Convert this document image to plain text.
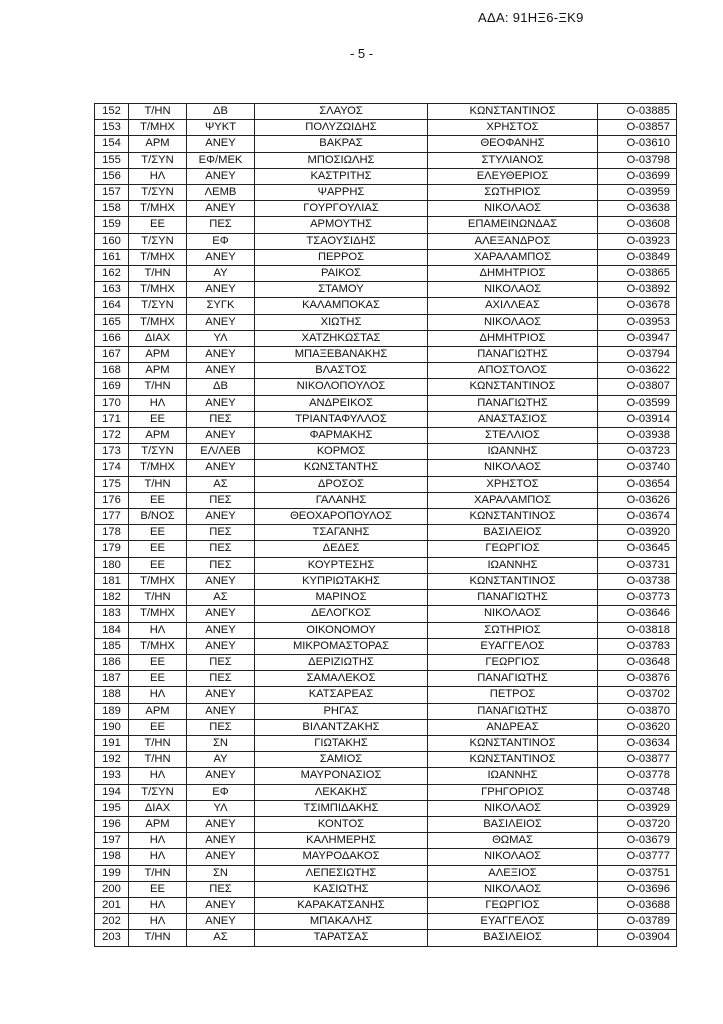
ΑΔΑ: 91ΗΞ6-ΞΚ9
- 5 -
152	Τ/ΗΝ	ΔΒ	ΣΛΑΥΟΣ	ΚΩΝΣΤΑΝΤΙΝΟΣ	Ο-03885
153	Τ/ΜΗΧ	ΨΥΚΤ	ΠΟΛΥΖΩΙΔΗΣ	ΧΡΗΣΤΟΣ	Ο-03857
154	ΑΡΜ	ΑΝΕΥ	ΒΑΚΡΑΣ	ΘΕΟΦΑΝΗΣ	Ο-03610
155	Τ/ΣΥΝ	ΕΦ/ΜΕΚ	ΜΠΟΣΙΩΛΗΣ	ΣΤΥΛΙΑΝΟΣ	Ο-03798
156	ΗΛ	ΑΝΕΥ	ΚΑΣΤΡΙΤΗΣ	ΕΛΕΥΘΕΡΙΟΣ	Ο-03699
157	Τ/ΣΥΝ	ΛΕΜΒ	ΨΑΡΡΗΣ	ΣΩΤΗΡΙΟΣ	Ο-03959
158	Τ/ΜΗΧ	ΑΝΕΥ	ΓΟΥΡΓΟΥΛΙΑΣ	ΝΙΚΟΛΑΟΣ	Ο-03638
159	ΕΕ	ΠΕΣ	ΑΡΜΟΥΤΗΣ	ΕΠΑΜΕΙΝΩΝΔΑΣ	Ο-03608
160	Τ/ΣΥΝ	ΕΦ	ΤΣΑΟΥΣΙΔΗΣ	ΑΛΕΞΑΝΔΡΟΣ	Ο-03923
161	Τ/ΜΗΧ	ΑΝΕΥ	ΠΕΡΡΟΣ	ΧΑΡΑΛΑΜΠΟΣ	Ο-03849
162	Τ/ΗΝ	ΑΥ	ΡΑΙΚΟΣ	ΔΗΜΗΤΡΙΟΣ	Ο-03865
163	Τ/ΜΗΧ	ΑΝΕΥ	ΣΤΑΜΟΥ	ΝΙΚΟΛΑΟΣ	Ο-03892
164	Τ/ΣΥΝ	ΣΥΓΚ	ΚΑΛΑΜΠΟΚΑΣ	ΑΧΙΛΛΕΑΣ	Ο-03678
165	Τ/ΜΗΧ	ΑΝΕΥ	ΧΙΩΤΗΣ	ΝΙΚΟΛΑΟΣ	Ο-03953
166	ΔΙΑΧ	ΥΛ	ΧΑΤΖΗΚΩΣΤΑΣ	ΔΗΜΗΤΡΙΟΣ	Ο-03947
167	ΑΡΜ	ΑΝΕΥ	ΜΠΑΞΕΒΑΝΑΚΗΣ	ΠΑΝΑΓΙΩΤΗΣ	Ο-03794
168	ΑΡΜ	ΑΝΕΥ	ΒΛΑΣΤΟΣ	ΑΠΟΣΤΟΛΟΣ	Ο-03622
169	Τ/ΗΝ	ΔΒ	ΝΙΚΟΛΟΠΟΥΛΟΣ	ΚΩΝΣΤΑΝΤΙΝΟΣ	Ο-03807
170	ΗΛ	ΑΝΕΥ	ΑΝΔΡΕΙΚΟΣ	ΠΑΝΑΓΙΩΤΗΣ	Ο-03599
171	ΕΕ	ΠΕΣ	ΤΡΙΑΝΤΑΦΥΛΛΟΣ	ΑΝΑΣΤΑΣΙΟΣ	Ο-03914
172	ΑΡΜ	ΑΝΕΥ	ΦΑΡΜΑΚΗΣ	ΣΤΕΛΛΙΟΣ	Ο-03938
173	Τ/ΣΥΝ	ΕΛ/ΛΕΒ	ΚΟΡΜΟΣ	ΙΩΑΝΝΗΣ	Ο-03723
174	Τ/ΜΗΧ	ΑΝΕΥ	ΚΩΝΣΤΑΝΤΗΣ	ΝΙΚΟΛΑΟΣ	Ο-03740
175	Τ/ΗΝ	ΑΣ	ΔΡΟΣΟΣ	ΧΡΗΣΤΟΣ	Ο-03654
176	ΕΕ	ΠΕΣ	ΓΑΛΑΝΗΣ	ΧΑΡΑΛΑΜΠΟΣ	Ο-03626
177	Β/ΝΟΣ	ΑΝΕΥ	ΘΕΟΧΑΡΟΠΟΥΛΟΣ	ΚΩΝΣΤΑΝΤΙΝΟΣ	Ο-03674
178	ΕΕ	ΠΕΣ	ΤΣΑΓΑΝΗΣ	ΒΑΣΙΛΕΙΟΣ	Ο-03920
179	ΕΕ	ΠΕΣ	ΔΕΔΕΣ	ΓΕΩΡΓΙΟΣ	Ο-03645
180	ΕΕ	ΠΕΣ	ΚΟΥΡΤΕΣΗΣ	ΙΩΑΝΝΗΣ	Ο-03731
181	Τ/ΜΗΧ	ΑΝΕΥ	ΚΥΠΡΙΩΤΑΚΗΣ	ΚΩΝΣΤΑΝΤΙΝΟΣ	Ο-03738
182	Τ/ΗΝ	ΑΣ	ΜΑΡΙΝΟΣ	ΠΑΝΑΓΙΩΤΗΣ	Ο-03773
183	Τ/ΜΗΧ	ΑΝΕΥ	ΔΕΛΟΓΚΟΣ	ΝΙΚΟΛΑΟΣ	Ο-03646
184	ΗΛ	ΑΝΕΥ	ΟΙΚΟΝΟΜΟΥ	ΣΩΤΗΡΙΟΣ	Ο-03818
185	Τ/ΜΗΧ	ΑΝΕΥ	ΜΙΚΡΟΜΑΣΤΟΡΑΣ	ΕΥΑΓΓΕΛΟΣ	Ο-03783
186	ΕΕ	ΠΕΣ	ΔΕΡΙΖΙΩΤΗΣ	ΓΕΩΡΓΙΟΣ	Ο-03648
187	ΕΕ	ΠΕΣ	ΣΑΜΑΛΕΚΟΣ	ΠΑΝΑΓΙΩΤΗΣ	Ο-03876
188	ΗΛ	ΑΝΕΥ	ΚΑΤΣΑΡΕΑΣ	ΠΕΤΡΟΣ	Ο-03702
189	ΑΡΜ	ΑΝΕΥ	ΡΗΓΑΣ	ΠΑΝΑΓΙΩΤΗΣ	Ο-03870
190	ΕΕ	ΠΕΣ	ΒΙΛΑΝΤΖΑΚΗΣ	ΑΝΔΡΕΑΣ	Ο-03620
191	Τ/ΗΝ	ΣΝ	ΓΙΩΤΑΚΗΣ	ΚΩΝΣΤΑΝΤΙΝΟΣ	Ο-03634
192	Τ/ΗΝ	ΑΥ	ΣΑΜΙΟΣ	ΚΩΝΣΤΑΝΤΙΝΟΣ	Ο-03877
193	ΗΛ	ΑΝΕΥ	ΜΑΥΡΟΝΑΣΙΟΣ	ΙΩΑΝΝΗΣ	Ο-03778
194	Τ/ΣΥΝ	ΕΦ	ΛΕΚΑΚΗΣ	ΓΡΗΓΟΡΙΟΣ	Ο-03748
195	ΔΙΑΧ	ΥΛ	ΤΣΙΜΠΙΔΑΚΗΣ	ΝΙΚΟΛΑΟΣ	Ο-03929
196	ΑΡΜ	ΑΝΕΥ	ΚΟΝΤΟΣ	ΒΑΣΙΛΕΙΟΣ	Ο-03720
197	ΗΛ	ΑΝΕΥ	ΚΑΛΗΜΕΡΗΣ	ΘΩΜΑΣ	Ο-03679
198	ΗΛ	ΑΝΕΥ	ΜΑΥΡΟΔΑΚΟΣ	ΝΙΚΟΛΑΟΣ	Ο-03777
199	Τ/ΗΝ	ΣΝ	ΛΕΠΕΣΙΩΤΗΣ	ΑΛΕΞΙΟΣ	Ο-03751
200	ΕΕ	ΠΕΣ	ΚΑΣΙΩΤΗΣ	ΝΙΚΟΛΑΟΣ	Ο-03696
201	ΗΛ	ΑΝΕΥ	ΚΑΡΑΚΑΤΣΑΝΗΣ	ΓΕΩΡΓΙΟΣ	Ο-03688
202	ΗΛ	ΑΝΕΥ	ΜΠΑΚΑΛΗΣ	ΕΥΑΓΓΕΛΟΣ	Ο-03789
203	Τ/ΗΝ	ΑΣ	ΤΑΡΑΤΣΑΣ	ΒΑΣΙΛΕΙΟΣ	Ο-03904
